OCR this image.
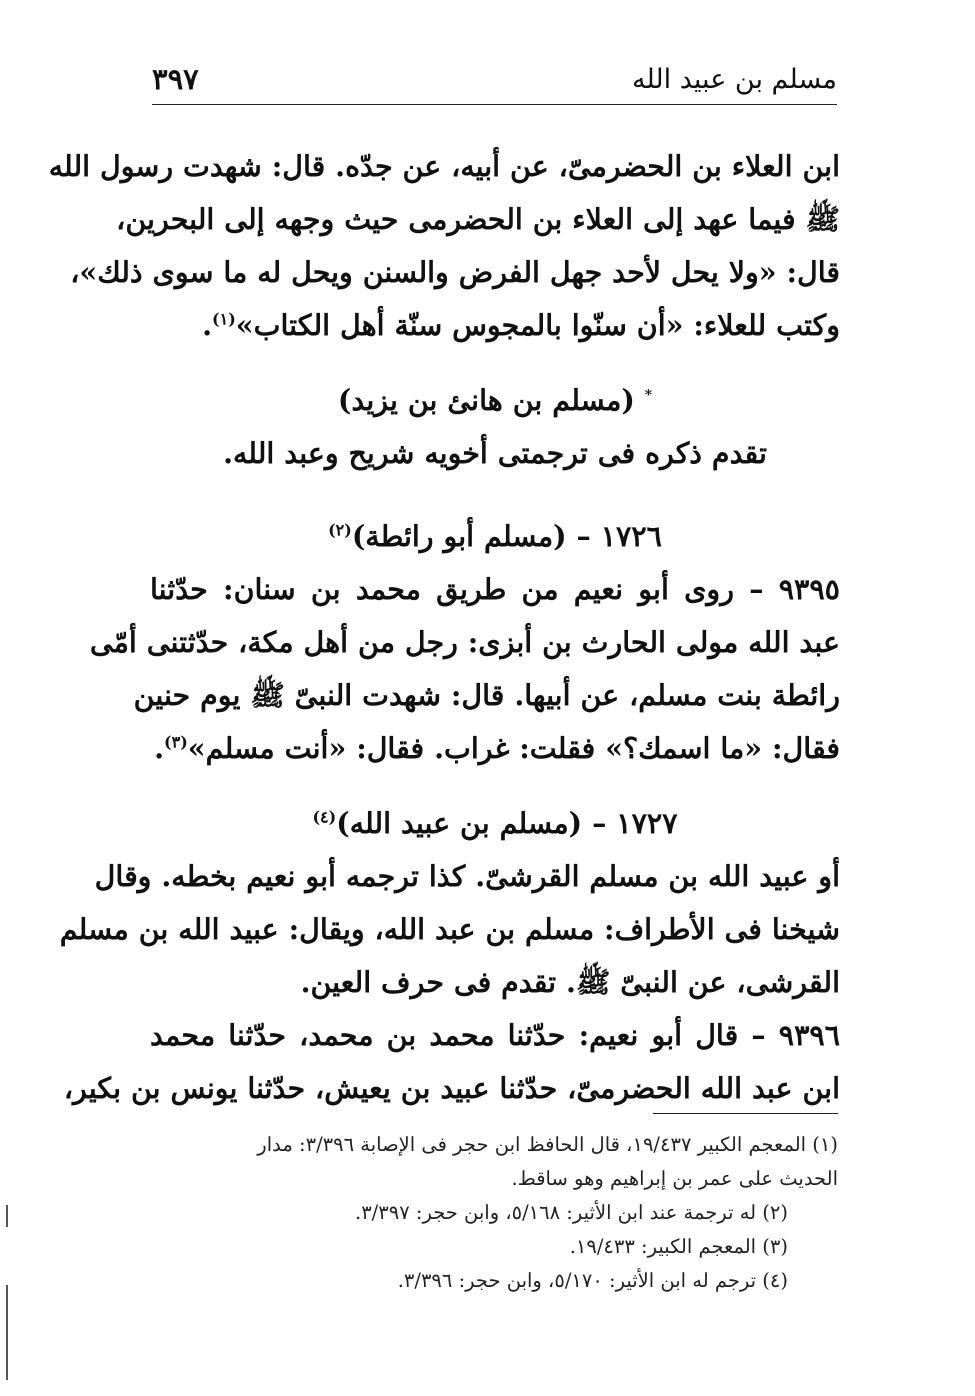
مسلم بن عبيد الله
٣٩٧
ابن العلاء بن الحضرمىّ، عن أبيه، عن جدّه. قال: شهدت رسول الله
ﷺ فيما عهد إلى العلاء بن الحضرمى حيث وجهه إلى البحرين،
قال: «ولا يحل لأحد جهل الفرض والسنن ويحل له ما سوى ذلك»،
وكتب للعلاء: «أن سنّوا بالمجوس سنّة أهل الكتاب»$^{(١)}$.
* (مسلم بن هانئ بن يزيد)
تقدم ذكره فى ترجمتى أخويه شريح وعبد الله.
١٧٢٦ – (مسلم أبو رائطة)$^{(٢)}$
٩٣٩٥ – روى أبو نعيم من طريق محمد بن سنان: حدّثنا
عبد الله مولى الحارث بن أبزى: رجل من أهل مكة، حدّثتنى أمّى
رائطة بنت مسلم، عن أبيها. قال: شهدت النبىّ ﷺ يوم حنين
فقال: «ما اسمك؟» فقلت: غراب. فقال: «أنت مسلم»$^{(٣)}$.
١٧٢٧ – (مسلم بن عبيد الله)$^{(٤)}$
أو عبيد الله بن مسلم القرشىّ. كذا ترجمه أبو نعيم بخطه. وقال
شيخنا فى الأطراف: مسلم بن عبد الله، ويقال: عبيد الله بن مسلم
القرشى، عن النبىّ ﷺ. تقدم فى حرف العين.
٩٣٩٦ – قال أبو نعيم: حدّثنا محمد بن محمد، حدّثنا محمد
ابن عبد الله الحضرمىّ، حدّثنا عبيد بن يعيش، حدّثنا يونس بن بكير،
(١) المعجم الكبير ١٩/٤٣٧، قال الحافظ ابن حجر فى الإصابة ٣/٣٩٦: مدار
الحديث على عمر بن إبراهيم وهو ساقط.
(٢) له ترجمة عند ابن الأثير: ٥/١٦٨، وابن حجر: ٣/٣٩٧.
(٣) المعجم الكبير: ١٩/٤٣٣.
(٤) ترجم له ابن الأثير: ٥/١٧٠، وابن حجر: ٣/٣٩٦.
